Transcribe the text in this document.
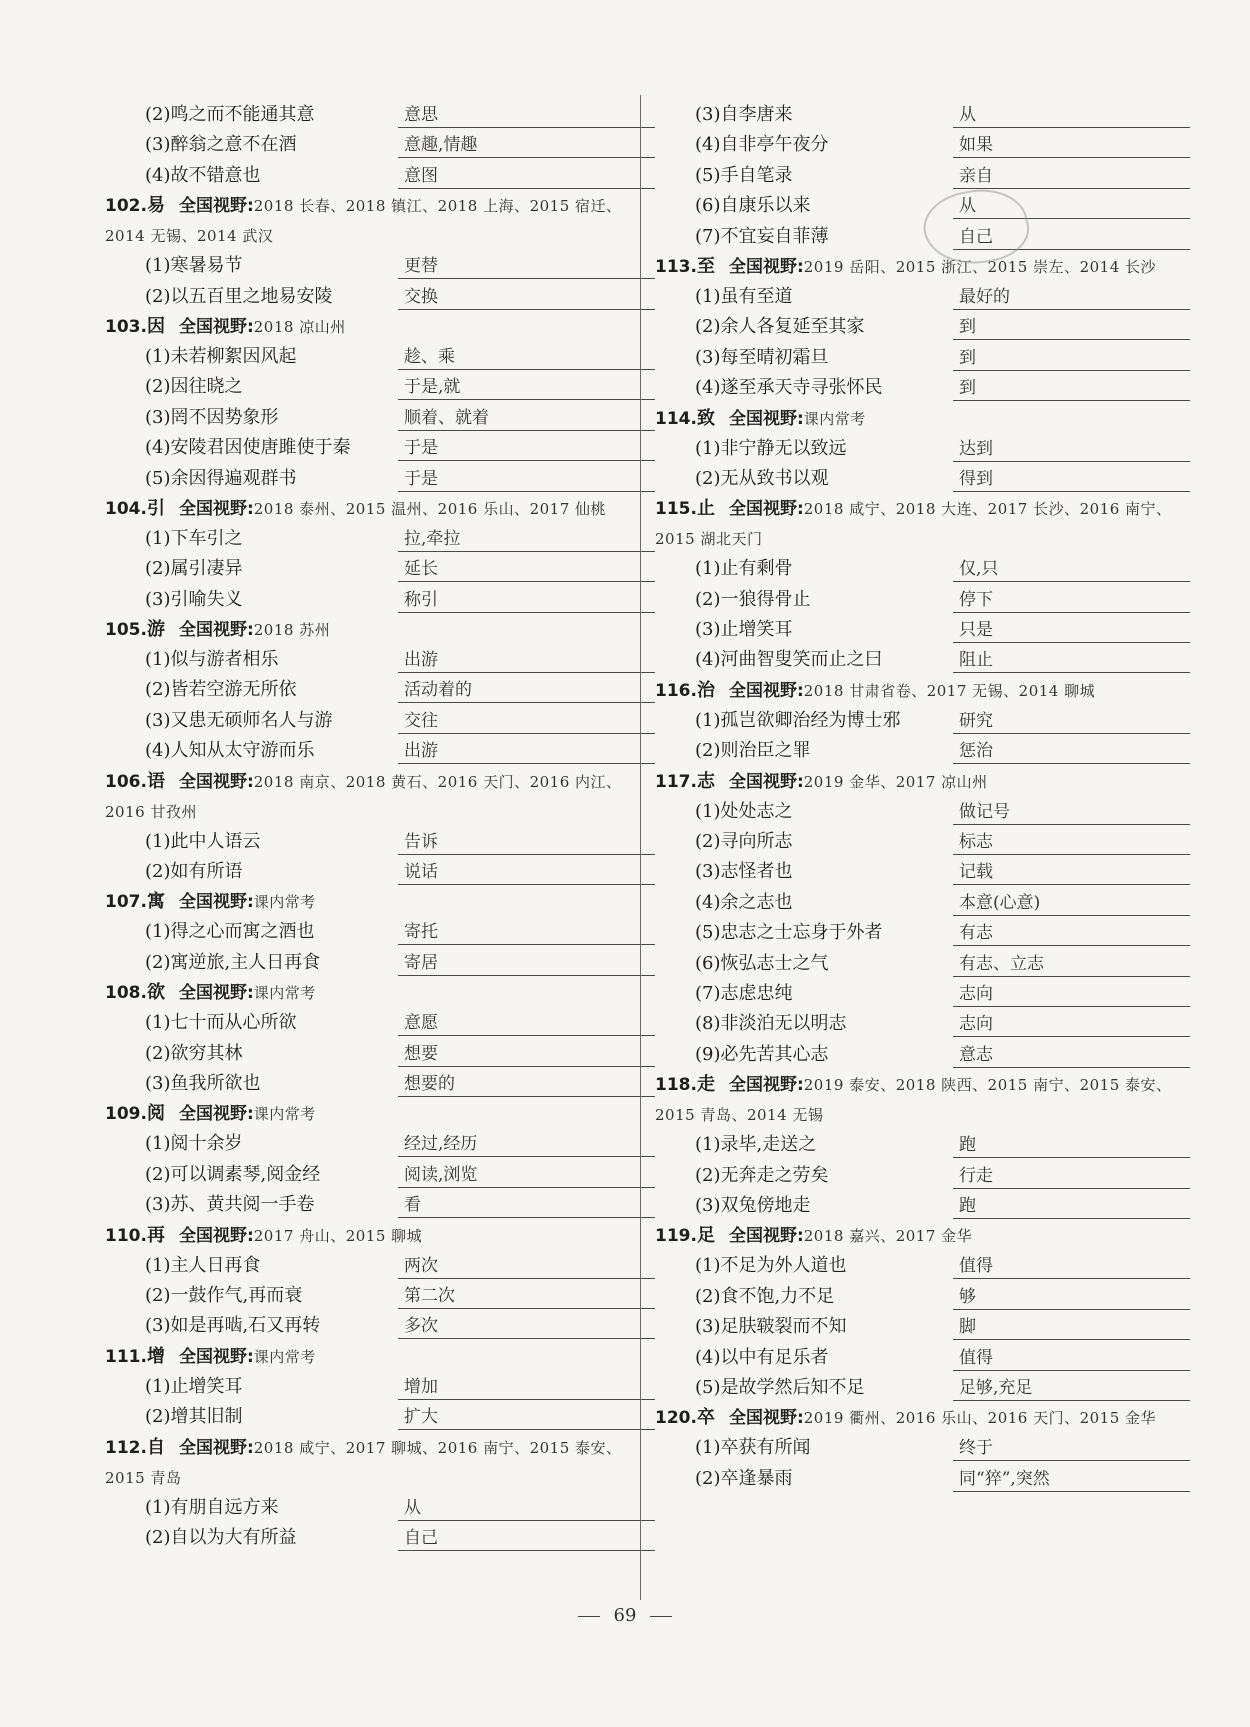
(2)鸣之而不能通其意	意思
(3)醉翁之意不在酒	意趣,情趣
(4)故不错意也	意图
102.易 全国视野:2018 长春、2018 镇江、2018 上海、2015 宿迁、2014 无锡、2014 武汉
(1)寒暑易节	更替
(2)以五百里之地易安陵	交换
103.因 全国视野:2018 凉山州
(1)未若柳絮因风起	趁、乘
(2)因往晓之	于是,就
(3)罔不因势象形	顺着、就着
(4)安陵君因使唐雎使于秦	于是
(5)余因得遍观群书	于是
104.引 全国视野:2018 泰州、2015 温州、2016 乐山、2017 仙桃
(1)下车引之	拉,牵拉
(2)属引凄异	延长
(3)引喻失义	称引
105.游 全国视野:2018 苏州
(1)似与游者相乐	出游
(2)皆若空游无所依	活动着的
(3)又患无硕师名人与游	交往
(4)人知从太守游而乐	出游
106.语 全国视野:2018 南京、2018 黄石、2016 天门、2016 内江、2016 甘孜州
(1)此中人语云	告诉
(2)如有所语	说话
107.寓 全国视野:课内常考
(1)得之心而寓之酒也	寄托
(2)寓逆旅,主人日再食	寄居
108.欲 全国视野:课内常考
(1)七十而从心所欲	意愿
(2)欲穷其林	想要
(3)鱼我所欲也	想要的
109.阅 全国视野:课内常考
(1)阅十余岁	经过,经历
(2)可以调素琴,阅金经	阅读,浏览
(3)苏、黄共阅一手卷	看
110.再 全国视野:2017 舟山、2015 聊城
(1)主人日再食	两次
(2)一鼓作气,再而衰	第二次
(3)如是再啮,石又再转	多次
111.增 全国视野:课内常考
(1)止增笑耳	增加
(2)增其旧制	扩大
112.自 全国视野:2018 咸宁、2017 聊城、2016 南宁、2015 泰安、2015 青岛
(1)有朋自远方来	从
(2)自以为大有所益	自己
(3)自李唐来	从
(4)自非亭午夜分	如果
(5)手自笔录	亲自
(6)自康乐以来	从
(7)不宜妄自菲薄	自己
113.至 全国视野:2019 岳阳、2015 浙江、2015 崇左、2014 长沙
(1)虽有至道	最好的
(2)余人各复延至其家	到
(3)每至晴初霜旦	到
(4)遂至承天寺寻张怀民	到
114.致 全国视野:课内常考
(1)非宁静无以致远	达到
(2)无从致书以观	得到
115.止 全国视野:2018 咸宁、2018 大连、2017 长沙、2016 南宁、2015 湖北天门
(1)止有剩骨	仅,只
(2)一狼得骨止	停下
(3)止增笑耳	只是
(4)河曲智叟笑而止之曰	阻止
116.治 全国视野:2018 甘肃省卷、2017 无锡、2014 聊城
(1)孤岂欲卿治经为博士邪	研究
(2)则治臣之罪	惩治
117.志 全国视野:2019 金华、2017 凉山州
(1)处处志之	做记号
(2)寻向所志	标志
(3)志怪者也	记载
(4)余之志也	本意(心意)
(5)忠志之士忘身于外者	有志
(6)恢弘志士之气	有志、立志
(7)志虑忠纯	志向
(8)非淡泊无以明志	志向
(9)必先苦其心志	意志
118.走 全国视野:2019 泰安、2018 陕西、2015 南宁、2015 泰安、2015 青岛、2014 无锡
(1)录毕,走送之	跑
(2)无奔走之劳矣	行走
(3)双兔傍地走	跑
119.足 全国视野:2018 嘉兴、2017 金华
(1)不足为外人道也	值得
(2)食不饱,力不足	够
(3)足肤皲裂而不知	脚
(4)以中有足乐者	值得
(5)是故学然后知不足	足够,充足
120.卒 全国视野:2019 衢州、2016 乐山、2016 天门、2015 金华
(1)卒获有所闻	终于
(2)卒逢暴雨	同“猝”,突然
69
